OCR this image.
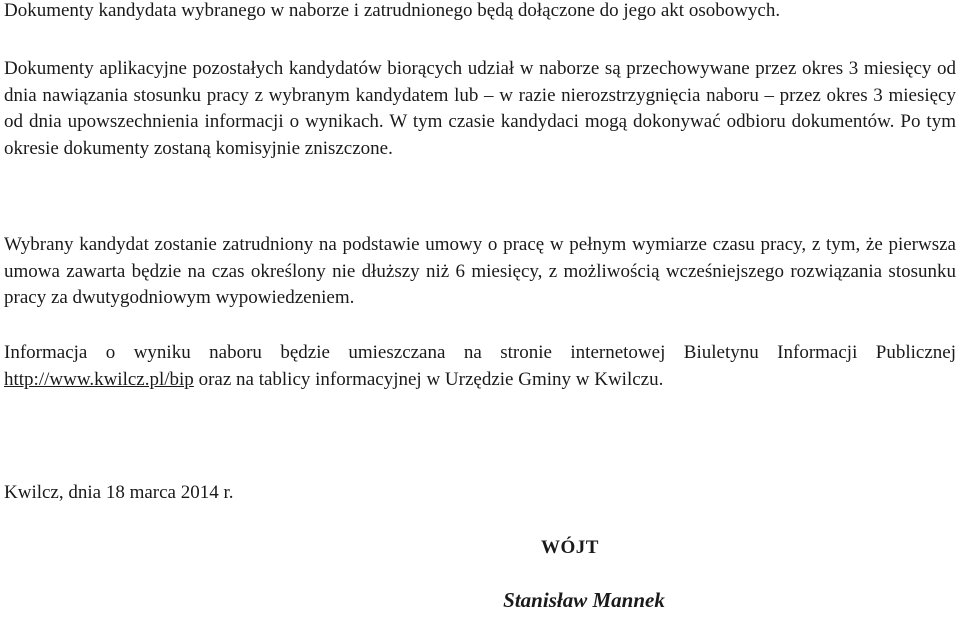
Dokumenty kandydata wybranego w naborze i zatrudnionego będą dołączone do jego akt osobowych.

Dokumenty aplikacyjne pozostałych kandydatów biorących udział w naborze są przechowywane przez okres 3 miesięcy od dnia nawiązania stosunku pracy z wybranym kandydatem lub – w razie nierozstrzygnięcia naboru – przez okres 3 miesięcy od dnia upowszechnienia informacji o wynikach. W tym czasie kandydaci mogą dokonywać odbioru dokumentów. Po tym okresie dokumenty zostaną komisyjnie zniszczone.

Wybrany kandydat zostanie zatrudniony na podstawie umowy o pracę w pełnym wymiarze czasu pracy, z tym, że pierwsza umowa zawarta będzie na czas określony nie dłuższy niż 6 miesięcy, z możliwością wcześniejszego rozwiązania stosunku pracy za dwutygodniowym wypowiedzeniem.

Informacja o wyniku naboru będzie umieszczana na stronie internetowej Biuletynu Informacji Publicznej http://www.kwilcz.pl/bip oraz na tablicy informacyjnej w Urzędzie Gminy w Kwilczu.

Kwilcz, dnia 18 marca 2014 r.

WÓJT
Stanisław Mannek
